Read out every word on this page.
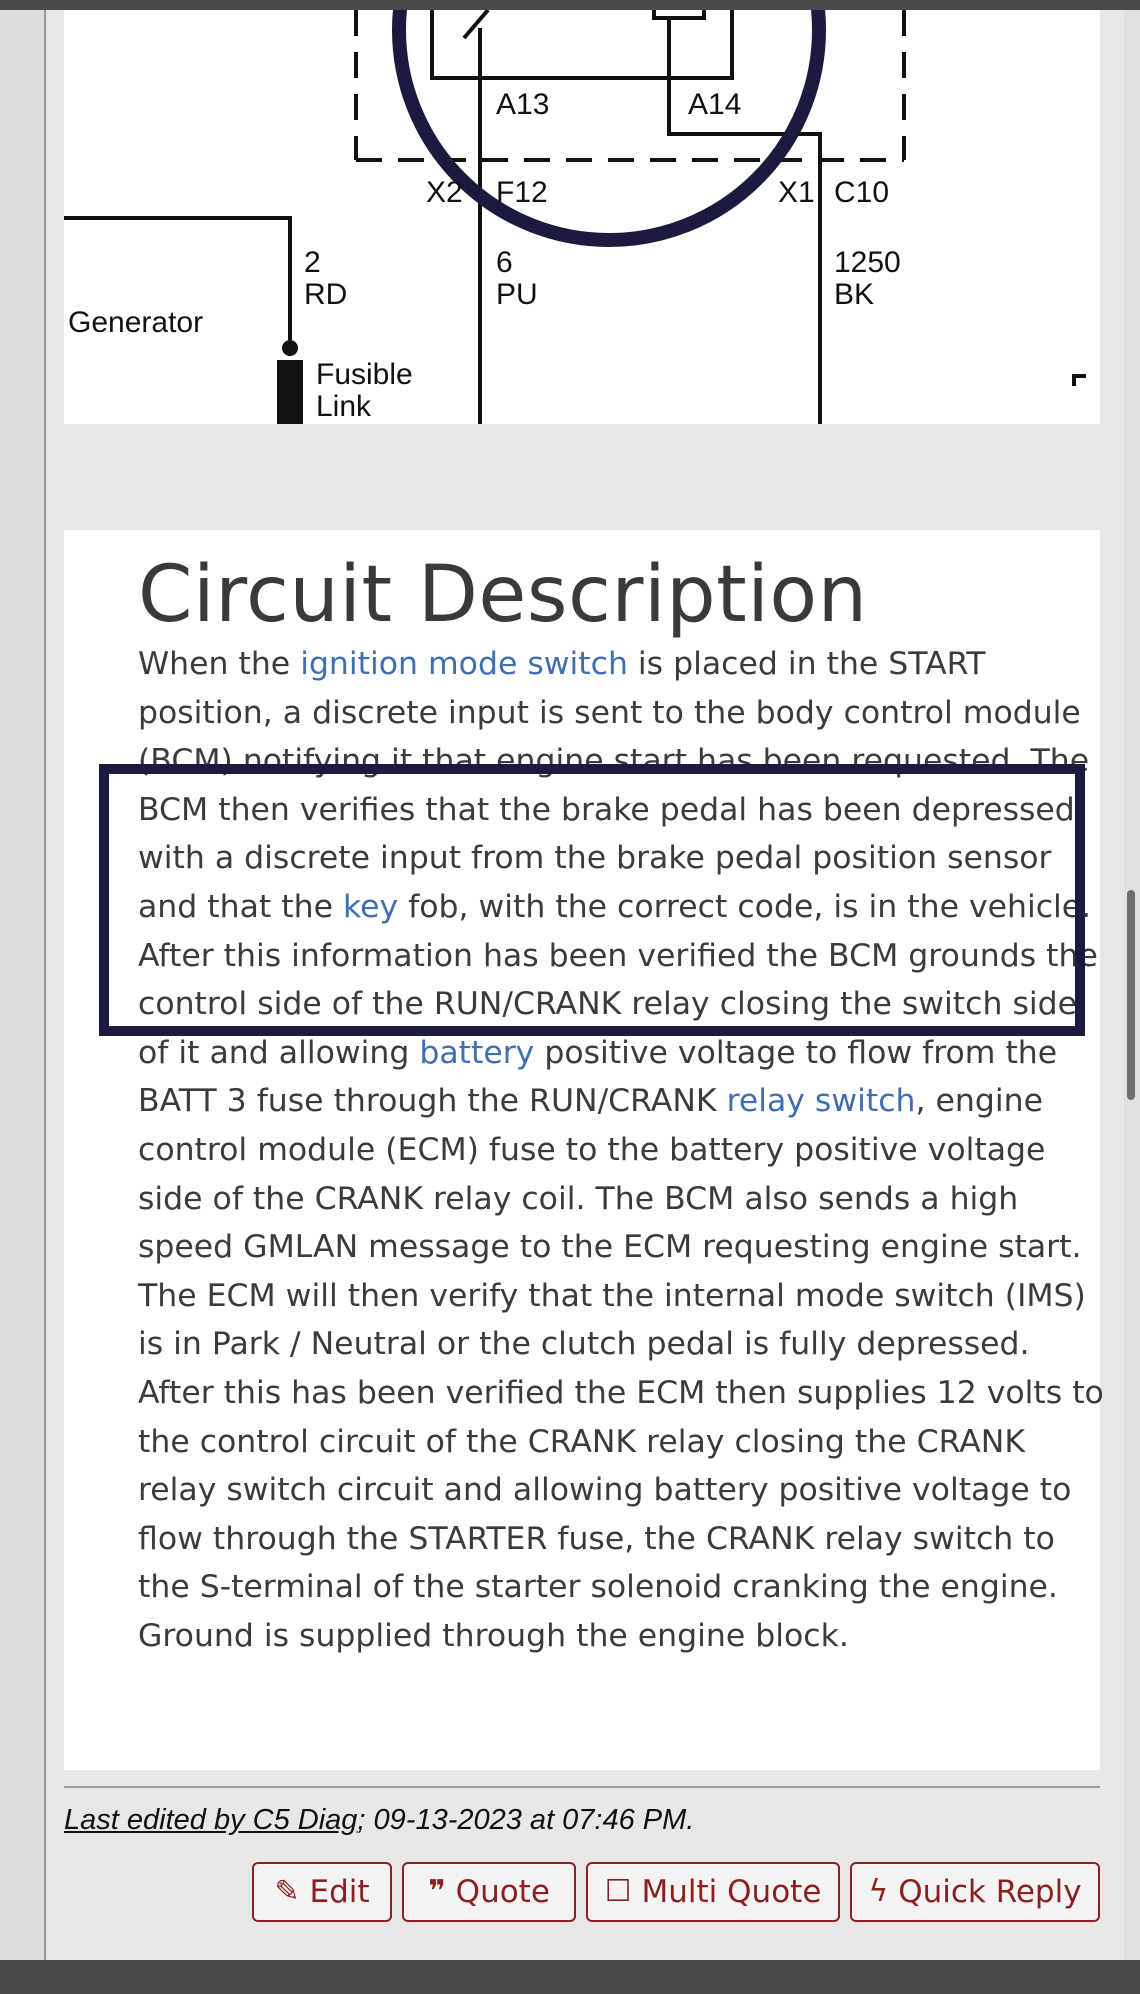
A13	A14
X2 F12	X1 C10
2
RD
6
PU
1250
BK
Generator
Fusible
Link
Circuit Description
When the ignition mode switch is placed in the START
position, a discrete input is sent to the body control module
(BCM) notifying it that engine start has been requested. The
BCM then verifies that the brake pedal has been depressed
with a discrete input from the brake pedal position sensor
and that the key fob, with the correct code, is in the vehicle.
After this information has been verified the BCM grounds the
control side of the RUN/CRANK relay closing the switch side
of it and allowing battery positive voltage to flow from the
BATT 3 fuse through the RUN/CRANK relay switch, engine
control module (ECM) fuse to the battery positive voltage
side of the CRANK relay coil. The BCM also sends a high
speed GMLAN message to the ECM requesting engine start.
The ECM will then verify that the internal mode switch (IMS)
is in Park / Neutral or the clutch pedal is fully depressed.
After this has been verified the ECM then supplies 12 volts to
the control circuit of the CRANK relay closing the CRANK
relay switch circuit and allowing battery positive voltage to
flow through the STARTER fuse, the CRANK relay switch to
the S-terminal of the starter solenoid cranking the engine.
Ground is supplied through the engine block.
Last edited by C5 Diag; 09-13-2023 at 07:46 PM.
✎ Edit ❞ Quote ☐ Multi Quote ϟ Quick Reply
